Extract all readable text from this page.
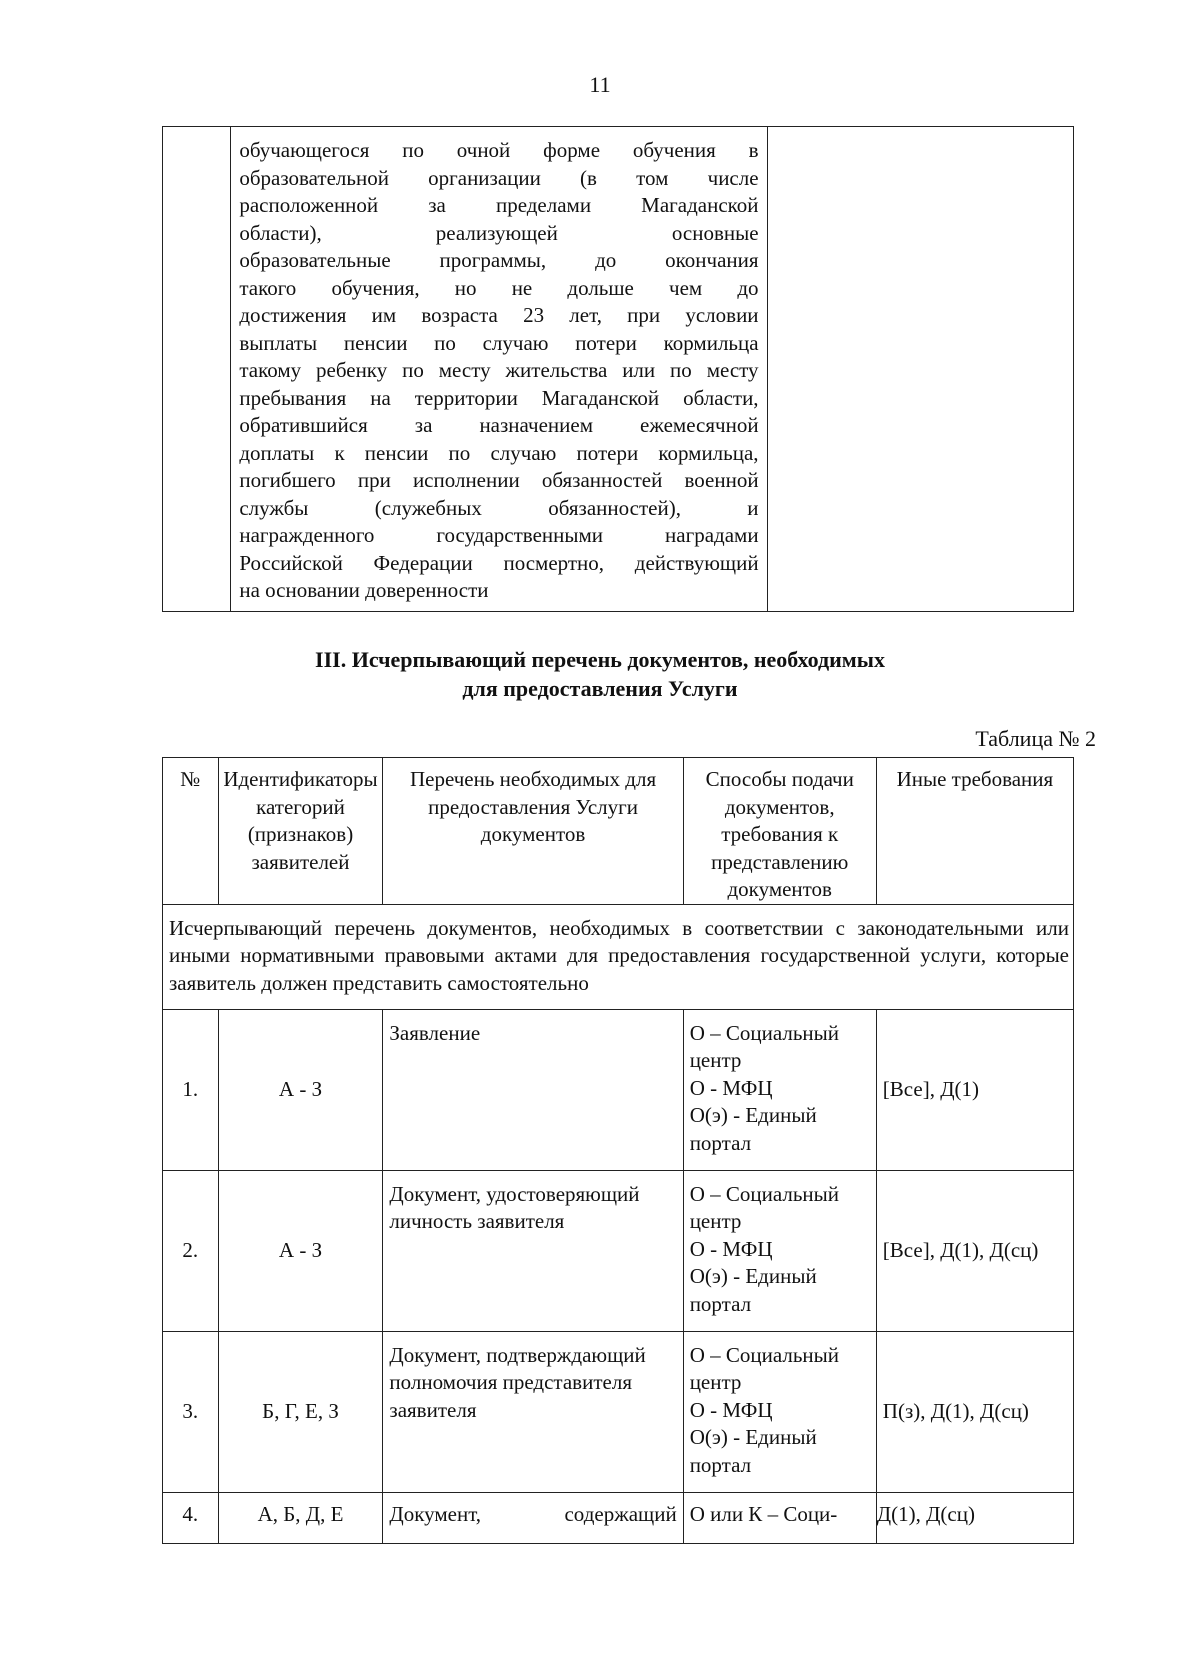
11

обучающегося по очной форме обучения в
образовательной организации (в том числе
расположенной за пределами Магаданской
области), реализующей основные
образовательные программы, до окончания
такого обучения, но не дольше чем до
достижения им возраста 23 лет, при условии
выплаты пенсии по случаю потери кормильца
такому ребенку по месту жительства или по месту
пребывания на территории Магаданской области,
обратившийся за назначением ежемесячной
доплаты к пенсии по случаю потери кормильца,
погибшего при исполнении обязанностей военной
службы (служебных обязанностей), и
награжденного государственными наградами
Российской Федерации посмертно, действующий
на основании доверенности

III. Исчерпывающий перечень документов, необходимых
для предоставления Услуги
Таблица № 2
№	Идентификаторы категорий (признаков) заявителей	Перечень необходимых для предоставления Услуги документов	Способы подачи документов, требования к представлению документов	Иные требования
Исчерпывающий перечень документов, необходимых в соответствии с законодательными или иными нормативными правовыми актами для предоставления государственной услуги, которые заявитель должен представить самостоятельно				
1.	А - З	Заявление	О – Социальный центр
О - МФЦ
О(э) - Единый портал	[Все], Д(1)
2.	А - З	Документ, удостоверяющий личность заявителя	О – Социальный центр
О - МФЦ
О(э) - Единый портал	[Все], Д(1), Д(сц)
3.	Б, Г, Е, З	Документ, подтверждающий полномочия представителя заявителя	О – Социальный центр
О - МФЦ
О(э) - Единый портал	П(з), Д(1), Д(сц)
4.	А, Б, Д, Е	Документ, содержащий	О или К – Соци-	Д(1), Д(сц)
